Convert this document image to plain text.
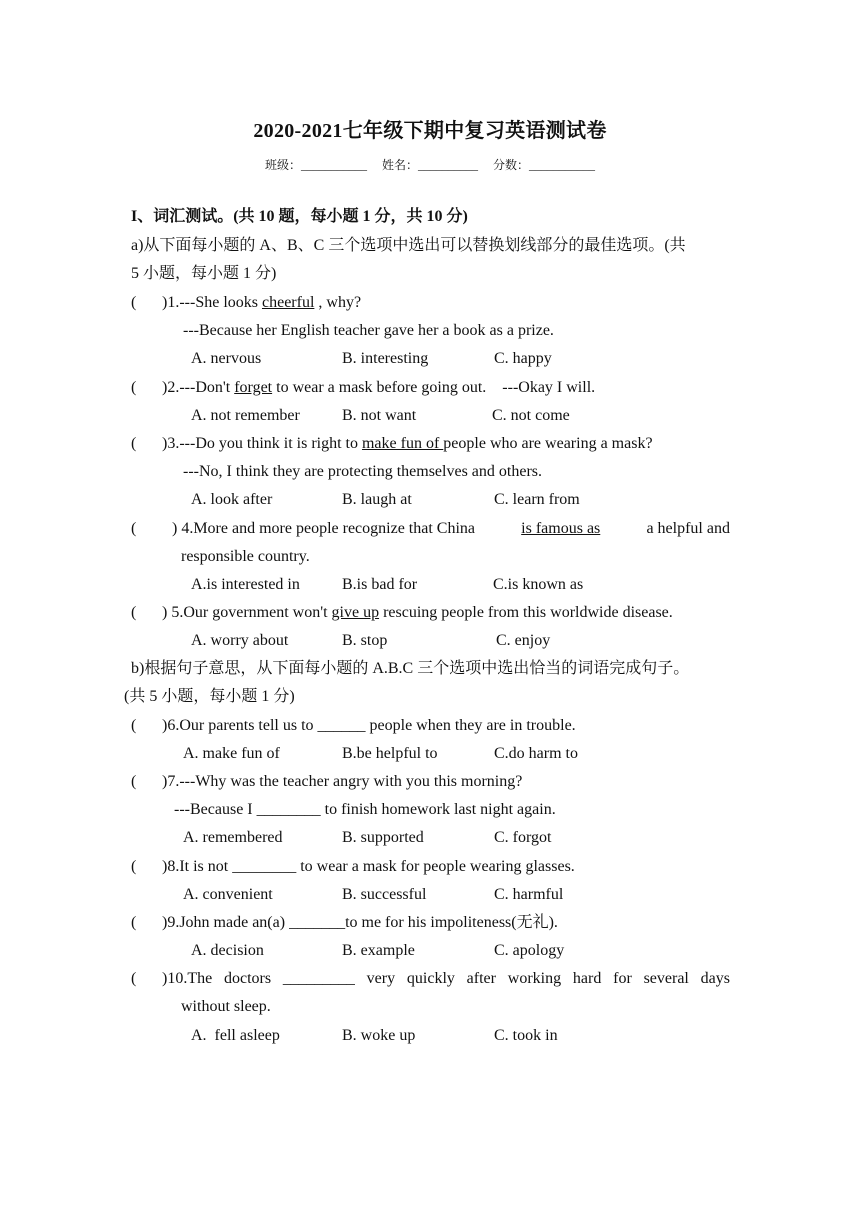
2020-2021七年级下期中复习英语测试卷
班级：___________ 姓名：__________ 分数：___________
I、词汇测试。(共 10 题，每小题 1 分，共 10 分)
a)从下面每小题的 A、B、C 三个选项中选出可以替换划线部分的最佳选项。(共
5 小题，每小题 1 分)
( )1.---She looks cheerful , why?
---Because her English teacher gave her a book as a prize.
A. nervous	B. interesting	C. happy
( )2.---Don't forget to wear a mask before going out.    ---Okay I will.
A. not remember	B. not want	C. not come
( )3.---Do you think it is right to make fun of people who are wearing a mask?
---No, I think they are protecting themselves and others.
A. look after	B. laugh at	C. learn from
( ) 4.More and more people recognize that China	is famous as	a helpful and
responsible country.
A.is interested in	B.is bad for	C.is known as
( ) 5.Our government won't give up rescuing people from this worldwide disease.
A. worry about	B. stop	C. enjoy
b)根据句子意思，从下面每小题的 A.B.C 三个选项中选出恰当的词语完成句子。
(共 5 小题，每小题 1 分)
( )6.Our parents tell us to ______ people when they are in trouble.
A. make fun of	B.be helpful to	C.do harm to
( )7.---Why was the teacher angry with you this morning?
---Because I ________ to finish homework last night again.
A. remembered	B. supported	C. forgot
( )8.It is not ________ to wear a mask for people wearing glasses.
A. convenient	B. successful	C. harmful
( )9.John made an(a) _______to me for his impoliteness(无礼).
A. decision	B. example	C. apology
( )10.The doctors _________ very quickly after working hard for several days
without sleep.
A.  fell asleep	B. woke up	C. took in
